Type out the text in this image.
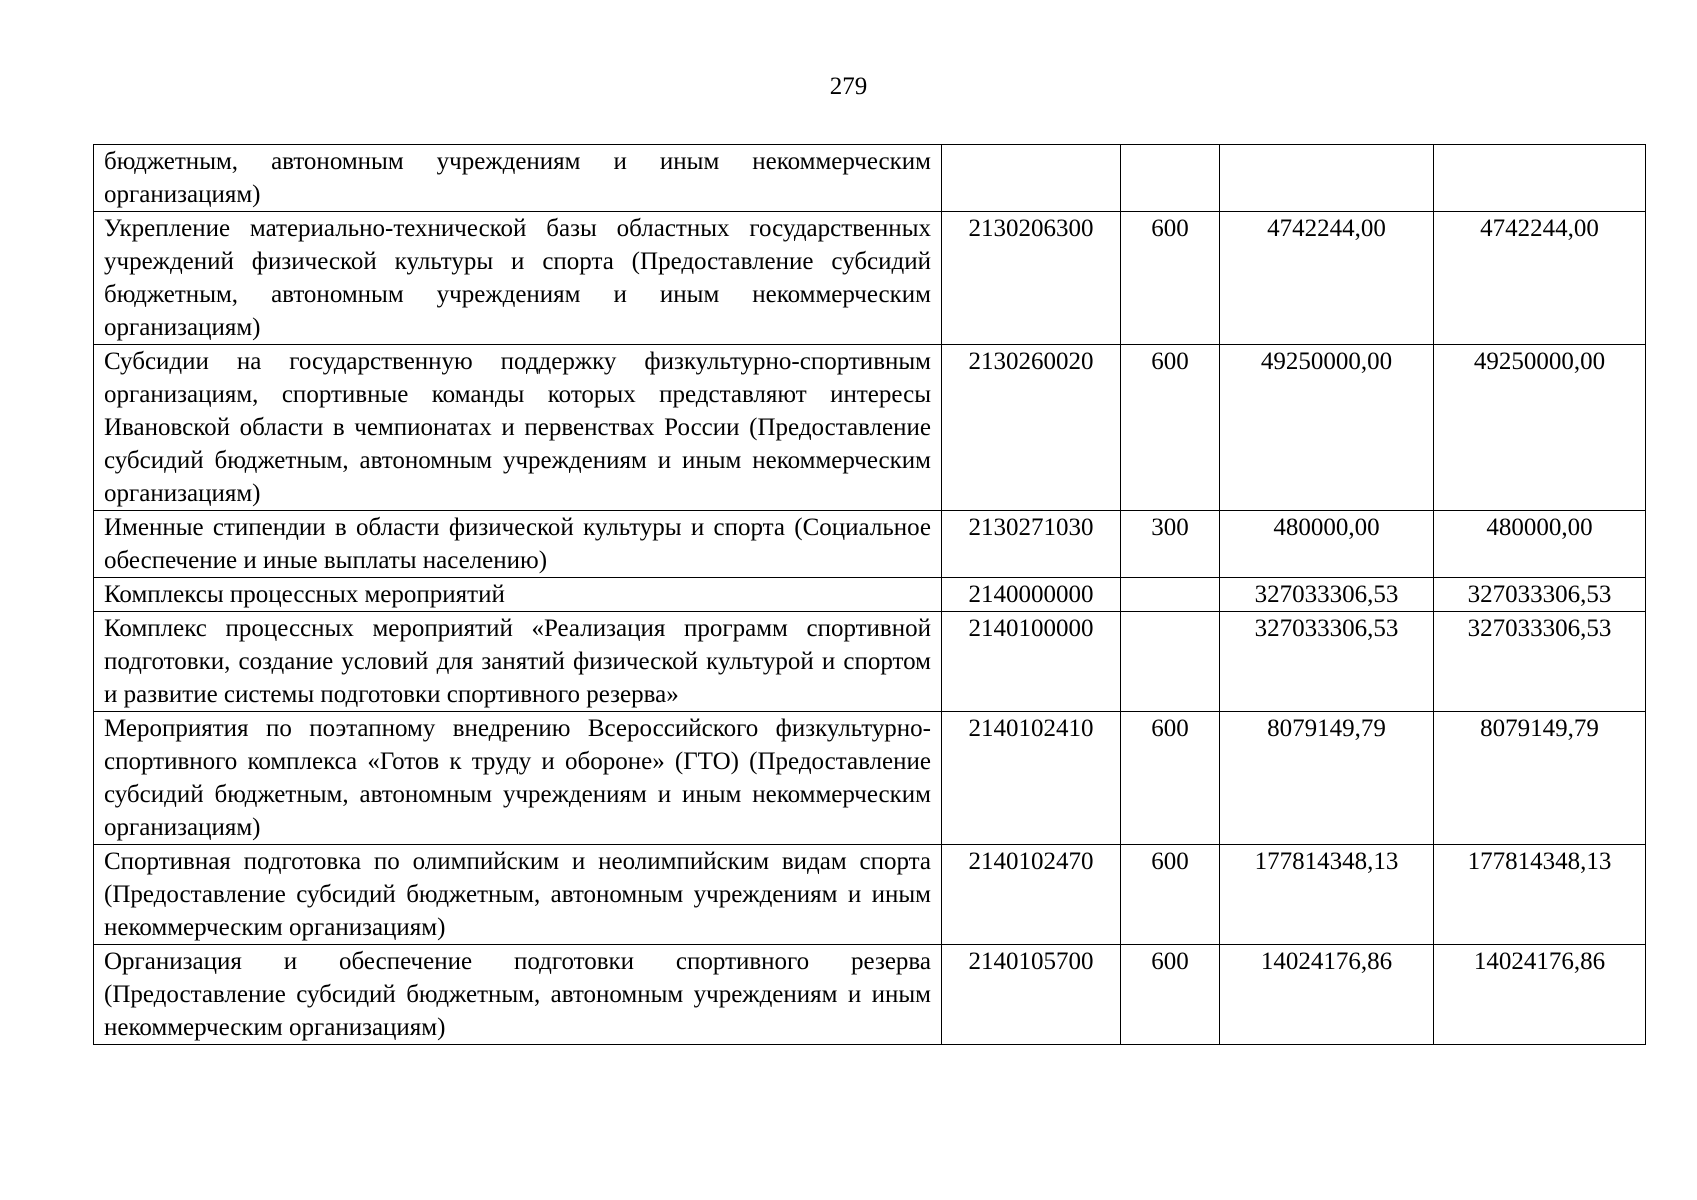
279
бюджетным, автономным учреждениям и иным некоммерческим организациям)				
Укрепление материально-технической базы областных государственных учреждений физической культуры и спорта (Предоставление субсидий бюджетным, автономным учреждениям и иным некоммерческим организациям)	2130206300	600	4742244,00	4742244,00
Субсидии на государственную поддержку физкультурно-спортивным организациям, спортивные команды которых представляют интересы Ивановской области в чемпионатах и первенствах России (Предоставление субсидий бюджетным, автономным учреждениям и иным некоммерческим организациям)	2130260020	600	49250000,00	49250000,00
Именные стипендии в области физической культуры и спорта (Социальное обеспечение и иные выплаты населению)	2130271030	300	480000,00	480000,00
Комплексы процессных мероприятий	2140000000		327033306,53	327033306,53
Комплекс процессных мероприятий «Реализация программ спортивной подготовки, создание условий для занятий физической культурой и спортом и развитие системы подготовки спортивного резерва»	2140100000		327033306,53	327033306,53
Мероприятия по поэтапному внедрению Всероссийского физкультурно-спортивного комплекса «Готов к труду и обороне» (ГТО) (Предоставление субсидий бюджетным, автономным учреждениям и иным некоммерческим организациям)	2140102410	600	8079149,79	8079149,79
Спортивная подготовка по олимпийским и неолимпийским видам спорта (Предоставление субсидий бюджетным, автономным учреждениям и иным некоммерческим организациям)	2140102470	600	177814348,13	177814348,13
Организация и обеспечение подготовки спортивного резерва (Предоставление субсидий бюджетным, автономным учреждениям и иным некоммерческим организациям)	2140105700	600	14024176,86	14024176,86
